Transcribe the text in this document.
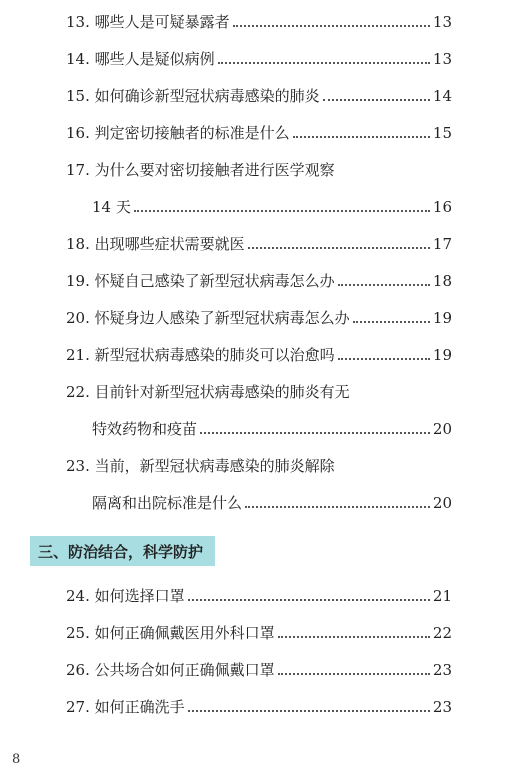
13. 哪些人是可疑暴露者	13
14. 哪些人是疑似病例	13
15. 如何确诊新型冠状病毒感染的肺炎	14
16. 判定密切接触者的标准是什么	15
17. 为什么要对密切接触者进行医学观察
14 天	16
18. 出现哪些症状需要就医	17
19. 怀疑自己感染了新型冠状病毒怎么办	18
20. 怀疑身边人感染了新型冠状病毒怎么办	19
21. 新型冠状病毒感染的肺炎可以治愈吗	19
22. 目前针对新型冠状病毒感染的肺炎有无
特效药物和疫苗	20
23. 当前，新型冠状病毒感染的肺炎解除
隔离和出院标准是什么	20
三、防治结合，科学防护
24. 如何选择口罩	21
25. 如何正确佩戴医用外科口罩	22
26. 公共场合如何正确佩戴口罩	23
27. 如何正确洗手	23
8
